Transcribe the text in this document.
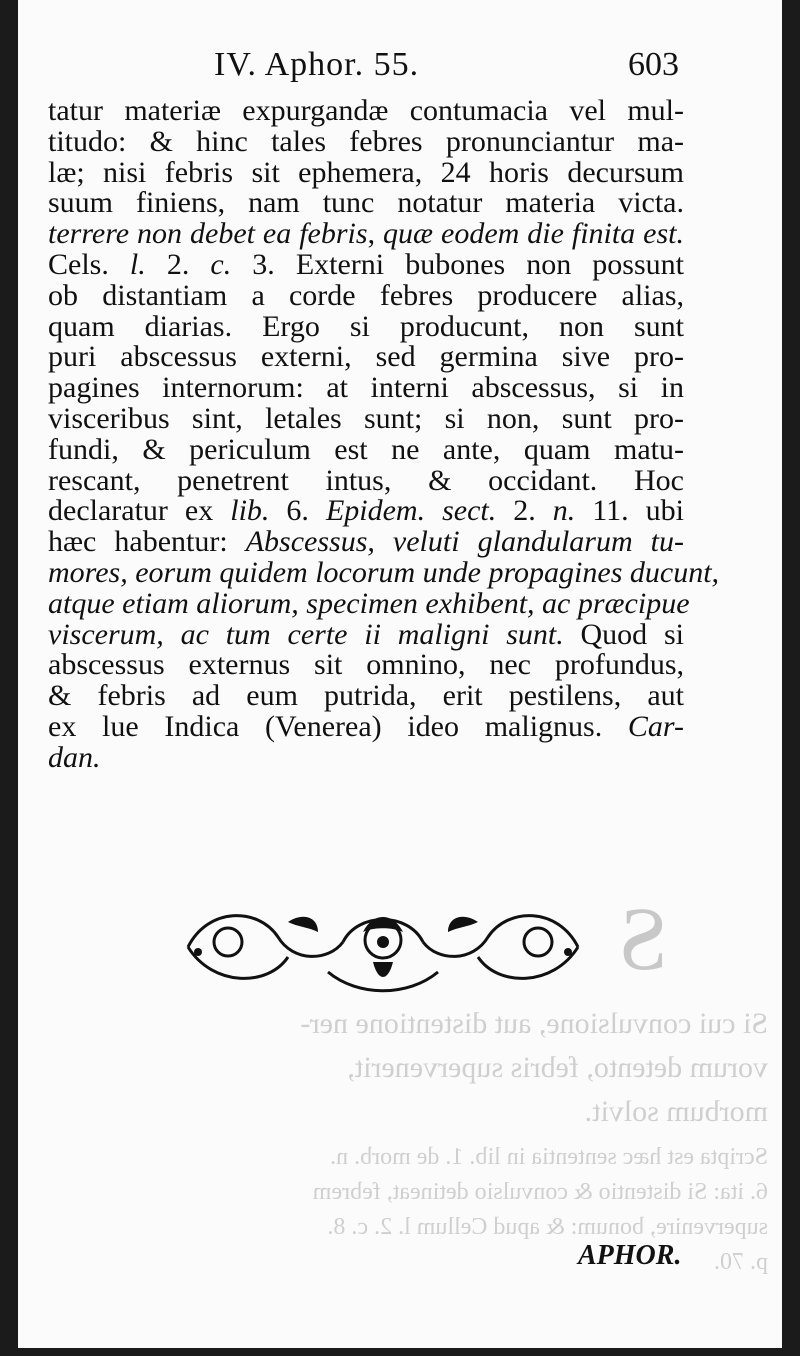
IV. Aphor. 55.	603
tatur materiæ expurgandæ contumacia vel mul-
titudo: & hinc tales febres pronunciantur ma-
læ; nisi febris sit ephemera, 24 horis decursum
suum finiens, nam tunc notatur materia victa.
terrere non debet ea febris, quæ eodem die finita est.
Cels. l. 2. c. 3. Externi bubones non possunt
ob distantiam a corde febres producere alias,
quam diarias. Ergo si producunt, non sunt
puri abscessus externi, sed germina sive pro-
pagines internorum: at interni abscessus, si in
visceribus sint, letales sunt; si non, sunt pro-
fundi, & periculum est ne ante, quam matu-
rescant, penetrent intus, & occidant. Hoc
declaratur ex lib. 6. Epidem. sect. 2. n. 11. ubi
hæc habentur: Abscessus, veluti glandularum tu-
mores, eorum quidem locorum unde propagines ducunt,
atque etiam aliorum, specimen exhibent, ac præcipue
viscerum, ac tum certe ii maligni sunt. Quod si
abscessus externus sit omnino, nec profundus,
& febris ad eum putrida, erit pestilens, aut
ex lue Indica (Venerea) ideo malignus. Car-
dan.
Si cui convulsione, aut distentione ner-
vorum detento, febris supervenerit,
morbum solvit.
Scripta est hæc sententia in lib. 1. de morb. n.
6. ita: Si distentio & convulsio detineat, febrem
supervenire, bonum: & apud Cellum l. 2. c. 8.
p. 70.
S
APHOR.
